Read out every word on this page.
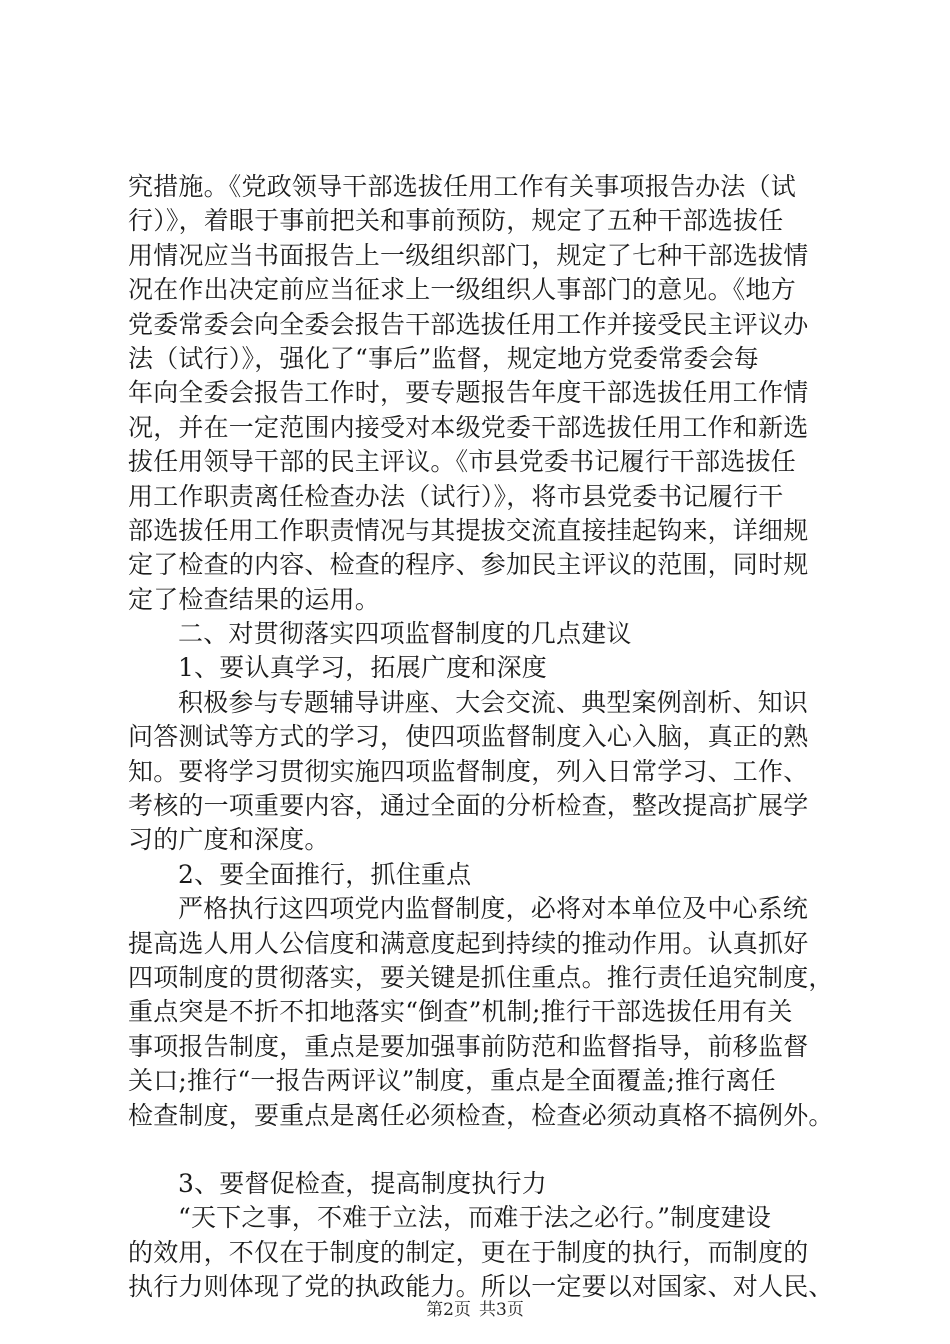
究措施。《党政领导干部选拔任用工作有关事项报告办法（试
行）》，着眼于事前把关和事前预防，规定了五种干部选拔任
用情况应当书面报告上一级组织部门，规定了七种干部选拔情
况在作出决定前应当征求上一级组织人事部门的意见。《地方
党委常委会向全委会报告干部选拔任用工作并接受民主评议办
法（试行）》，强化了“事后”监督，规定地方党委常委会每
年向全委会报告工作时，要专题报告年度干部选拔任用工作情
况，并在一定范围内接受对本级党委干部选拔任用工作和新选
拔任用领导干部的民主评议。《市县党委书记履行干部选拔任
用工作职责离任检查办法（试行）》，将市县党委书记履行干
部选拔任用工作职责情况与其提拔交流直接挂起钩来，详细规
定了检查的内容、检查的程序、参加民主评议的范围，同时规
定了检查结果的运用。
二、对贯彻落实四项监督制度的几点建议
1、要认真学习，拓展广度和深度
积极参与专题辅导讲座、大会交流、典型案例剖析、知识
问答测试等方式的学习，使四项监督制度入心入脑，真正的熟
知。要将学习贯彻实施四项监督制度，列入日常学习、工作、
考核的一项重要内容，通过全面的分析检查，整改提高扩展学
习的广度和深度。
2、要全面推行，抓住重点
严格执行这四项党内监督制度，必将对本单位及中心系统
提高选人用人公信度和满意度起到持续的推动作用。认真抓好
四项制度的贯彻落实，要关键是抓住重点。推行责任追究制度，
重点突是不折不扣地落实“倒查”机制;推行干部选拔任用有关
事项报告制度，重点是要加强事前防范和监督指导，前移监督
关口;推行“一报告两评议”制度，重点是全面覆盖;推行离任
检查制度，要重点是离任必须检查，检查必须动真格不搞例外。
3、要督促检查，提高制度执行力
“天下之事，不难于立法，而难于法之必行。”制度建设
的效用，不仅在于制度的制定，更在于制度的执行，而制度的
执行力则体现了党的执政能力。所以一定要以对国家、对人民、
第2页 共3页
